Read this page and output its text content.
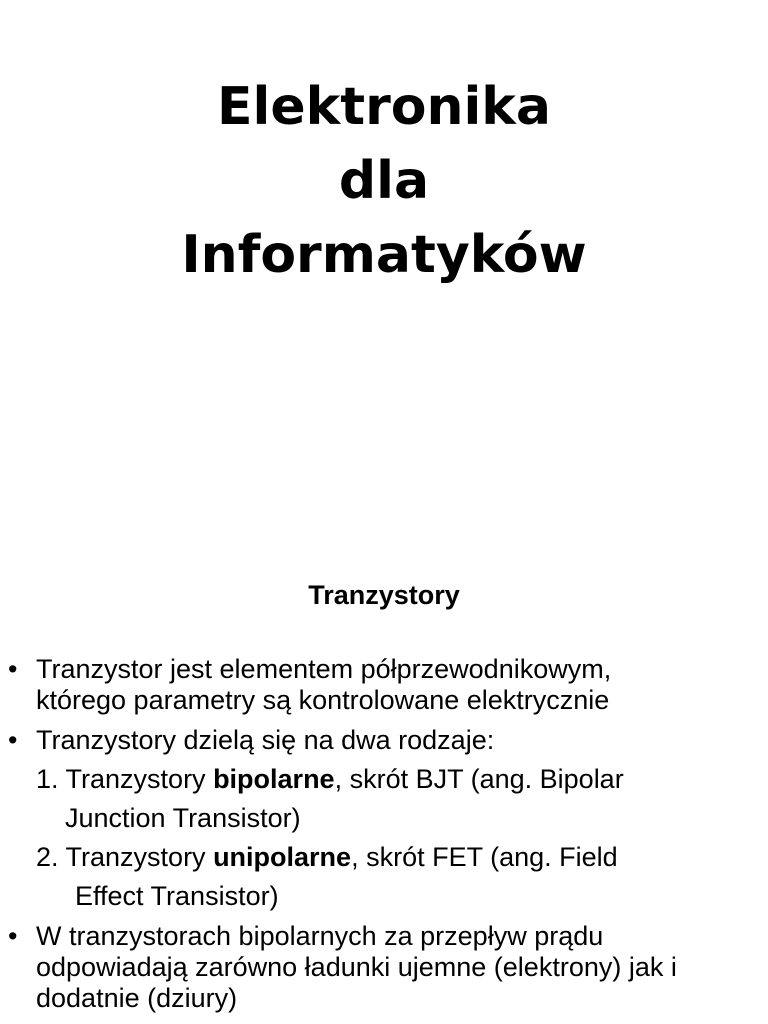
Elektronika
dla
Informatyków
Tranzystory
• Tranzystor jest elementem półprzewodnikowym,
którego parametry są kontrolowane elektrycznie
• Tranzystory dzielą się na dwa rodzaje:
1. Tranzystory bipolarne, skrót BJT (ang. Bipolar
Junction Transistor)
2. Tranzystory unipolarne, skrót FET (ang. Field
Effect Transistor)
• W tranzystorach bipolarnych za przepływ prądu
odpowiadają zarówno ładunki ujemne (elektrony) jak i
dodatnie (dziury)
